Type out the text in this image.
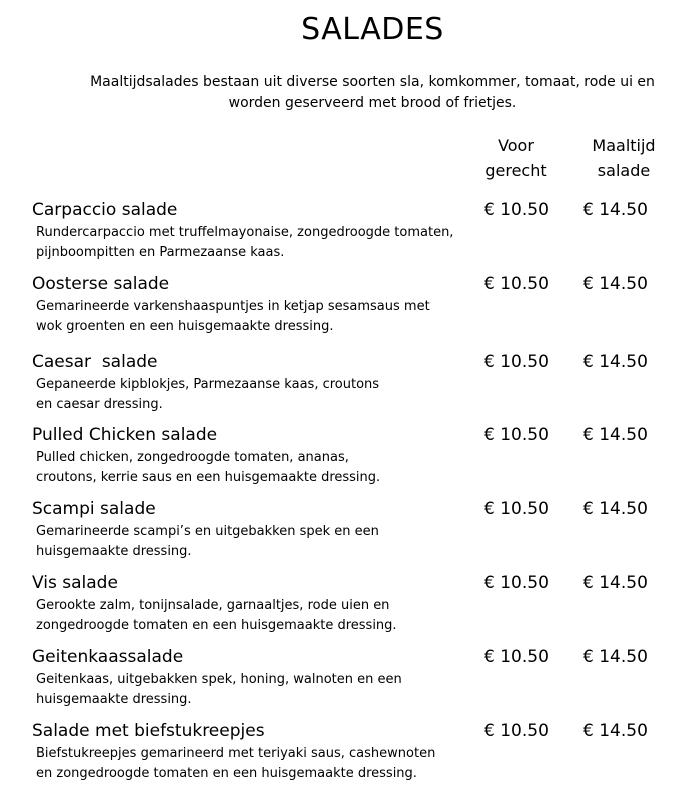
SALADES
Maaltijdsalades bestaan uit diverse soorten sla, komkommer, tomaat, rode ui en
worden geserveerd met brood of frietjes.
Voor
gerecht
Maaltijd
salade
Carpaccio salade
Rundercarpaccio met truffelmayonaise, zongedroogde tomaten,
pijnboompitten en Parmezaanse kaas.
€ 10.50 € 14.50
Oosterse salade
Gemarineerde varkenshaaspuntjes in ketjap sesamsaus met
wok groenten en een huisgemaakte dressing.
€ 10.50 € 14.50
Caesar  salade
Gepaneerde kipblokjes, Parmezaanse kaas, croutons
en caesar dressing.
€ 10.50 € 14.50
Pulled Chicken salade
Pulled chicken, zongedroogde tomaten, ananas,
croutons, kerrie saus en een huisgemaakte dressing.
€ 10.50 € 14.50
Scampi salade
Gemarineerde scampi’s en uitgebakken spek en een
huisgemaakte dressing.
€ 10.50 € 14.50
Vis salade
Gerookte zalm, tonijnsalade, garnaaltjes, rode uien en
zongedroogde tomaten en een huisgemaakte dressing.
€ 10.50 € 14.50
Geitenkaassalade
Geitenkaas, uitgebakken spek, honing, walnoten en een
huisgemaakte dressing.
€ 10.50 € 14.50
Salade met biefstukreepjes
Biefstukreepjes gemarineerd met teriyaki saus, cashewnoten
en zongedroogde tomaten en een huisgemaakte dressing.
€ 10.50 € 14.50
